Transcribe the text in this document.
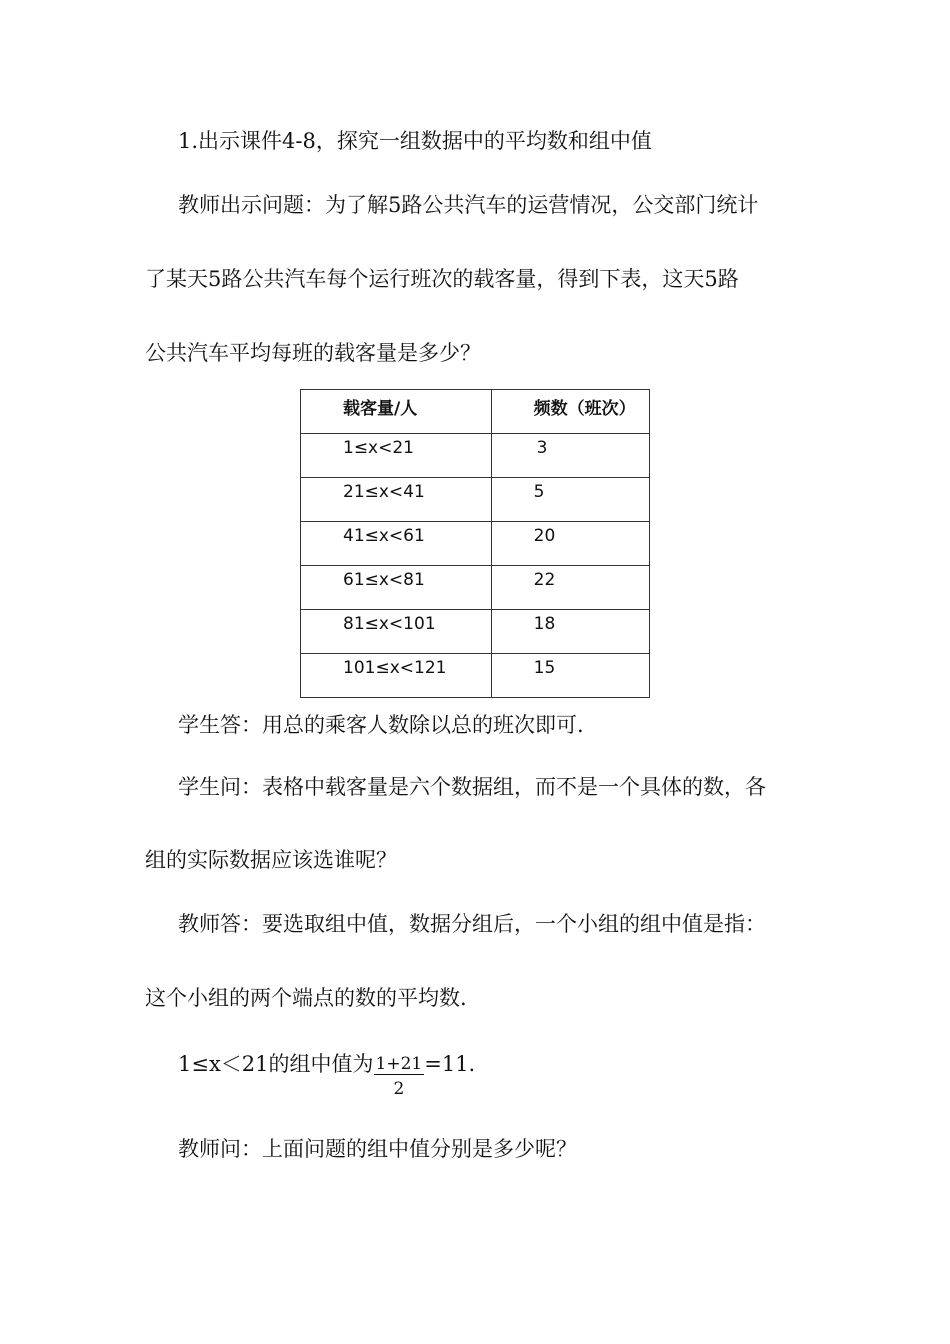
1.出示课件4-8，探究一组数据中的平均数和组中值

教师出示问题：为了解5路公共汽车的运营情况，公交部门统计

了某天5路公共汽车每个运行班次的载客量，得到下表，这天5路

公共汽车平均每班的载客量是多少？

载客量/人	频数（班次）

1≤x<21	3

21≤x<41	5

41≤x<61	20

61≤x<81	22

81≤x<101	18

101≤x<121	15

学生答：用总的乘客人数除以总的班次即可.

学生问：表格中载客量是六个数据组，而不是一个具体的数，各

组的实际数据应该选谁呢？

教师答：要选取组中值，数据分组后，一个小组的组中值是指：

这个小组的两个端点的数的平均数.

1≤x＜21的组中值为 $\frac{1+21}{2} =11$.

教师问：上面问题的组中值分别是多少呢？
